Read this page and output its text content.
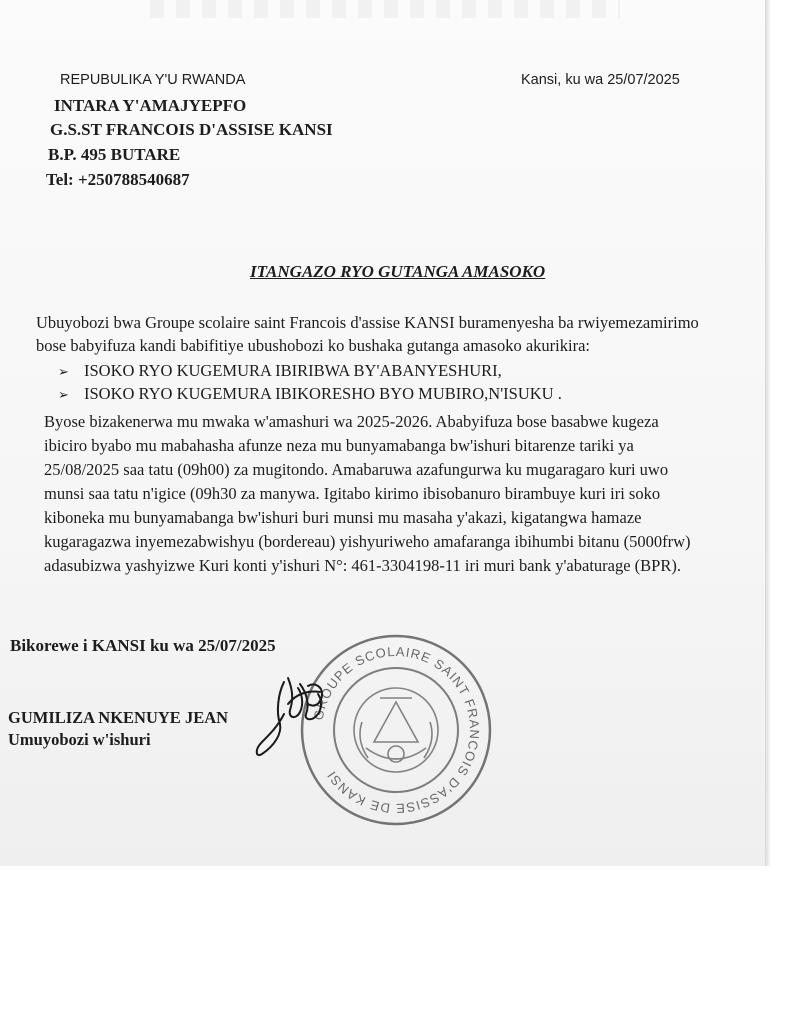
REPUBULIKA Y'U RWANDA
INTARA Y'AMAJYEPFO
G.S.ST FRANCOIS D'ASSISE KANSI
B.P. 495 BUTARE
Tel: +250788540687
Kansi, ku wa 25/07/2025
ITANGAZO RYO GUTANGA AMASOKO
Ubuyobozi bwa Groupe scolaire saint Francois d'assise KANSI buramenyesha ba rwiyemezamirimo
bose babyifuza kandi babifitiye ubushobozi ko bushaka gutanga amasoko akurikira:
➢ ISOKO RYO KUGEMURA IBIRIBWA BY'ABANYESHURI,
➢ ISOKO RYO KUGEMURA IBIKORESHO BYO MUBIRO,N'ISUKU .
Byose bizakenerwa mu mwaka w'amashuri wa 2025-2026. Ababyifuza bose basabwe kugeza
ibiciro byabo mu mabahasha afunze neza mu bunyamabanga bw'ishuri bitarenze tariki ya
25/08/2025 saa tatu (09h00) za mugitondo. Amabaruwa azafungurwa ku mugaragaro kuri uwo
munsi saa tatu n'igice (09h30 za manywa. Igitabo kirimo ibisobanuro birambuye kuri iri soko
kiboneka mu bunyamabanga bw'ishuri buri munsi mu masaha y'akazi, kigatangwa hamaze
kugaragazwa inyemezabwishyu (bordereau) yishyuriweho amafaranga ibihumbi bitanu (5000frw)
adasubizwa yashyizwe Kuri konti y'ishuri N°: 461-3304198-11 iri muri bank y'abaturage (BPR).
Bikorewe i KANSI ku wa 25/07/2025
GUMILIZA NKENUYE JEAN
Umuyobozi w'ishuri
GROUPE SCOLAIRE SAINT FRANCOIS D'ASSISE DE KANSI
